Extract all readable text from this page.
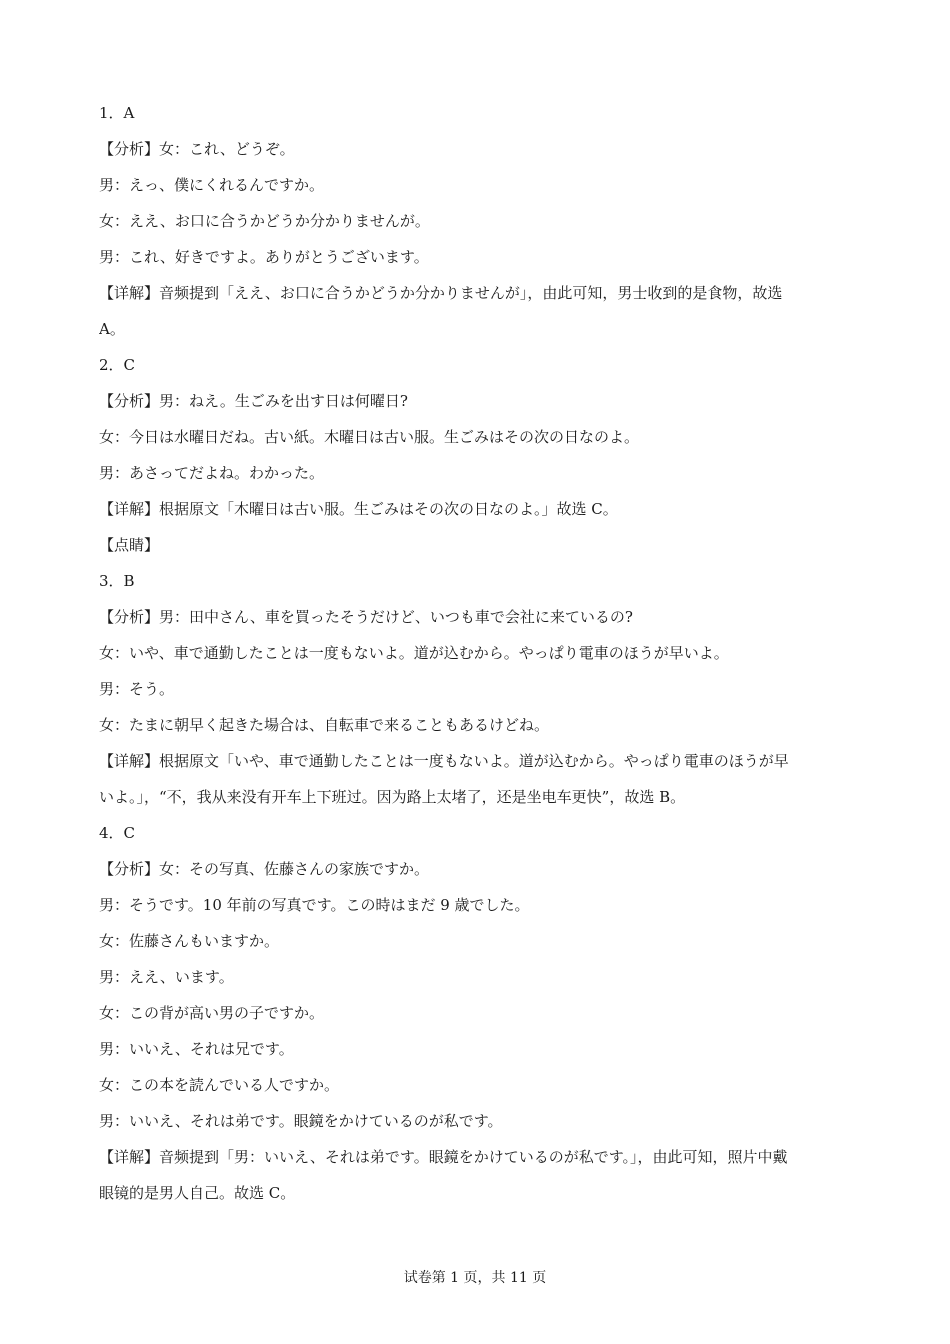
1．A
【分析】女：これ、どうぞ。
男：えっ、僕にくれるんですか。
女：ええ、お口に合うかどうか分かりませんが。
男：これ、好きですよ。ありがとうございます。
【详解】音频提到「ええ、お口に合うかどうか分かりませんが」，由此可知，男士收到的是食物，故选
A。
2．C
【分析】男：ねえ。生ごみを出す日は何曜日?
女：今日は水曜日だね。古い紙。木曜日は古い服。生ごみはその次の日なのよ。
男：あさってだよね。わかった。
【详解】根据原文「木曜日は古い服。生ごみはその次の日なのよ。」故选 C。
【点睛】
3．B
【分析】男：田中さん、車を買ったそうだけど、いつも車で会社に来ているの?
女：いや、車で通勤したことは一度もないよ。道が込むから。やっぱり電車のほうが早いよ。
男：そう。
女：たまに朝早く起きた場合は、自転車で来ることもあるけどね。
【详解】根据原文「いや、車で通勤したことは一度もないよ。道が込むから。やっぱり電車のほうが早
いよ。」，“不，我从来没有开车上下班过。因为路上太堵了，还是坐电车更快”，故选 B。
4．C
【分析】女：その写真、佐藤さんの家族ですか。
男：そうです。10 年前の写真です。この時はまだ 9 歳でした。
女：佐藤さんもいますか。
男：ええ、います。
女：この背が高い男の子ですか。
男：いいえ、それは兄です。
女：この本を読んでいる人ですか。
男：いいえ、それは弟です。眼鏡をかけているのが私です。
【详解】音频提到「男：いいえ、それは弟です。眼鏡をかけているのが私です。」，由此可知，照片中戴
眼镜的是男人自己。故选 C。
试卷第 1 页，共 11 页
